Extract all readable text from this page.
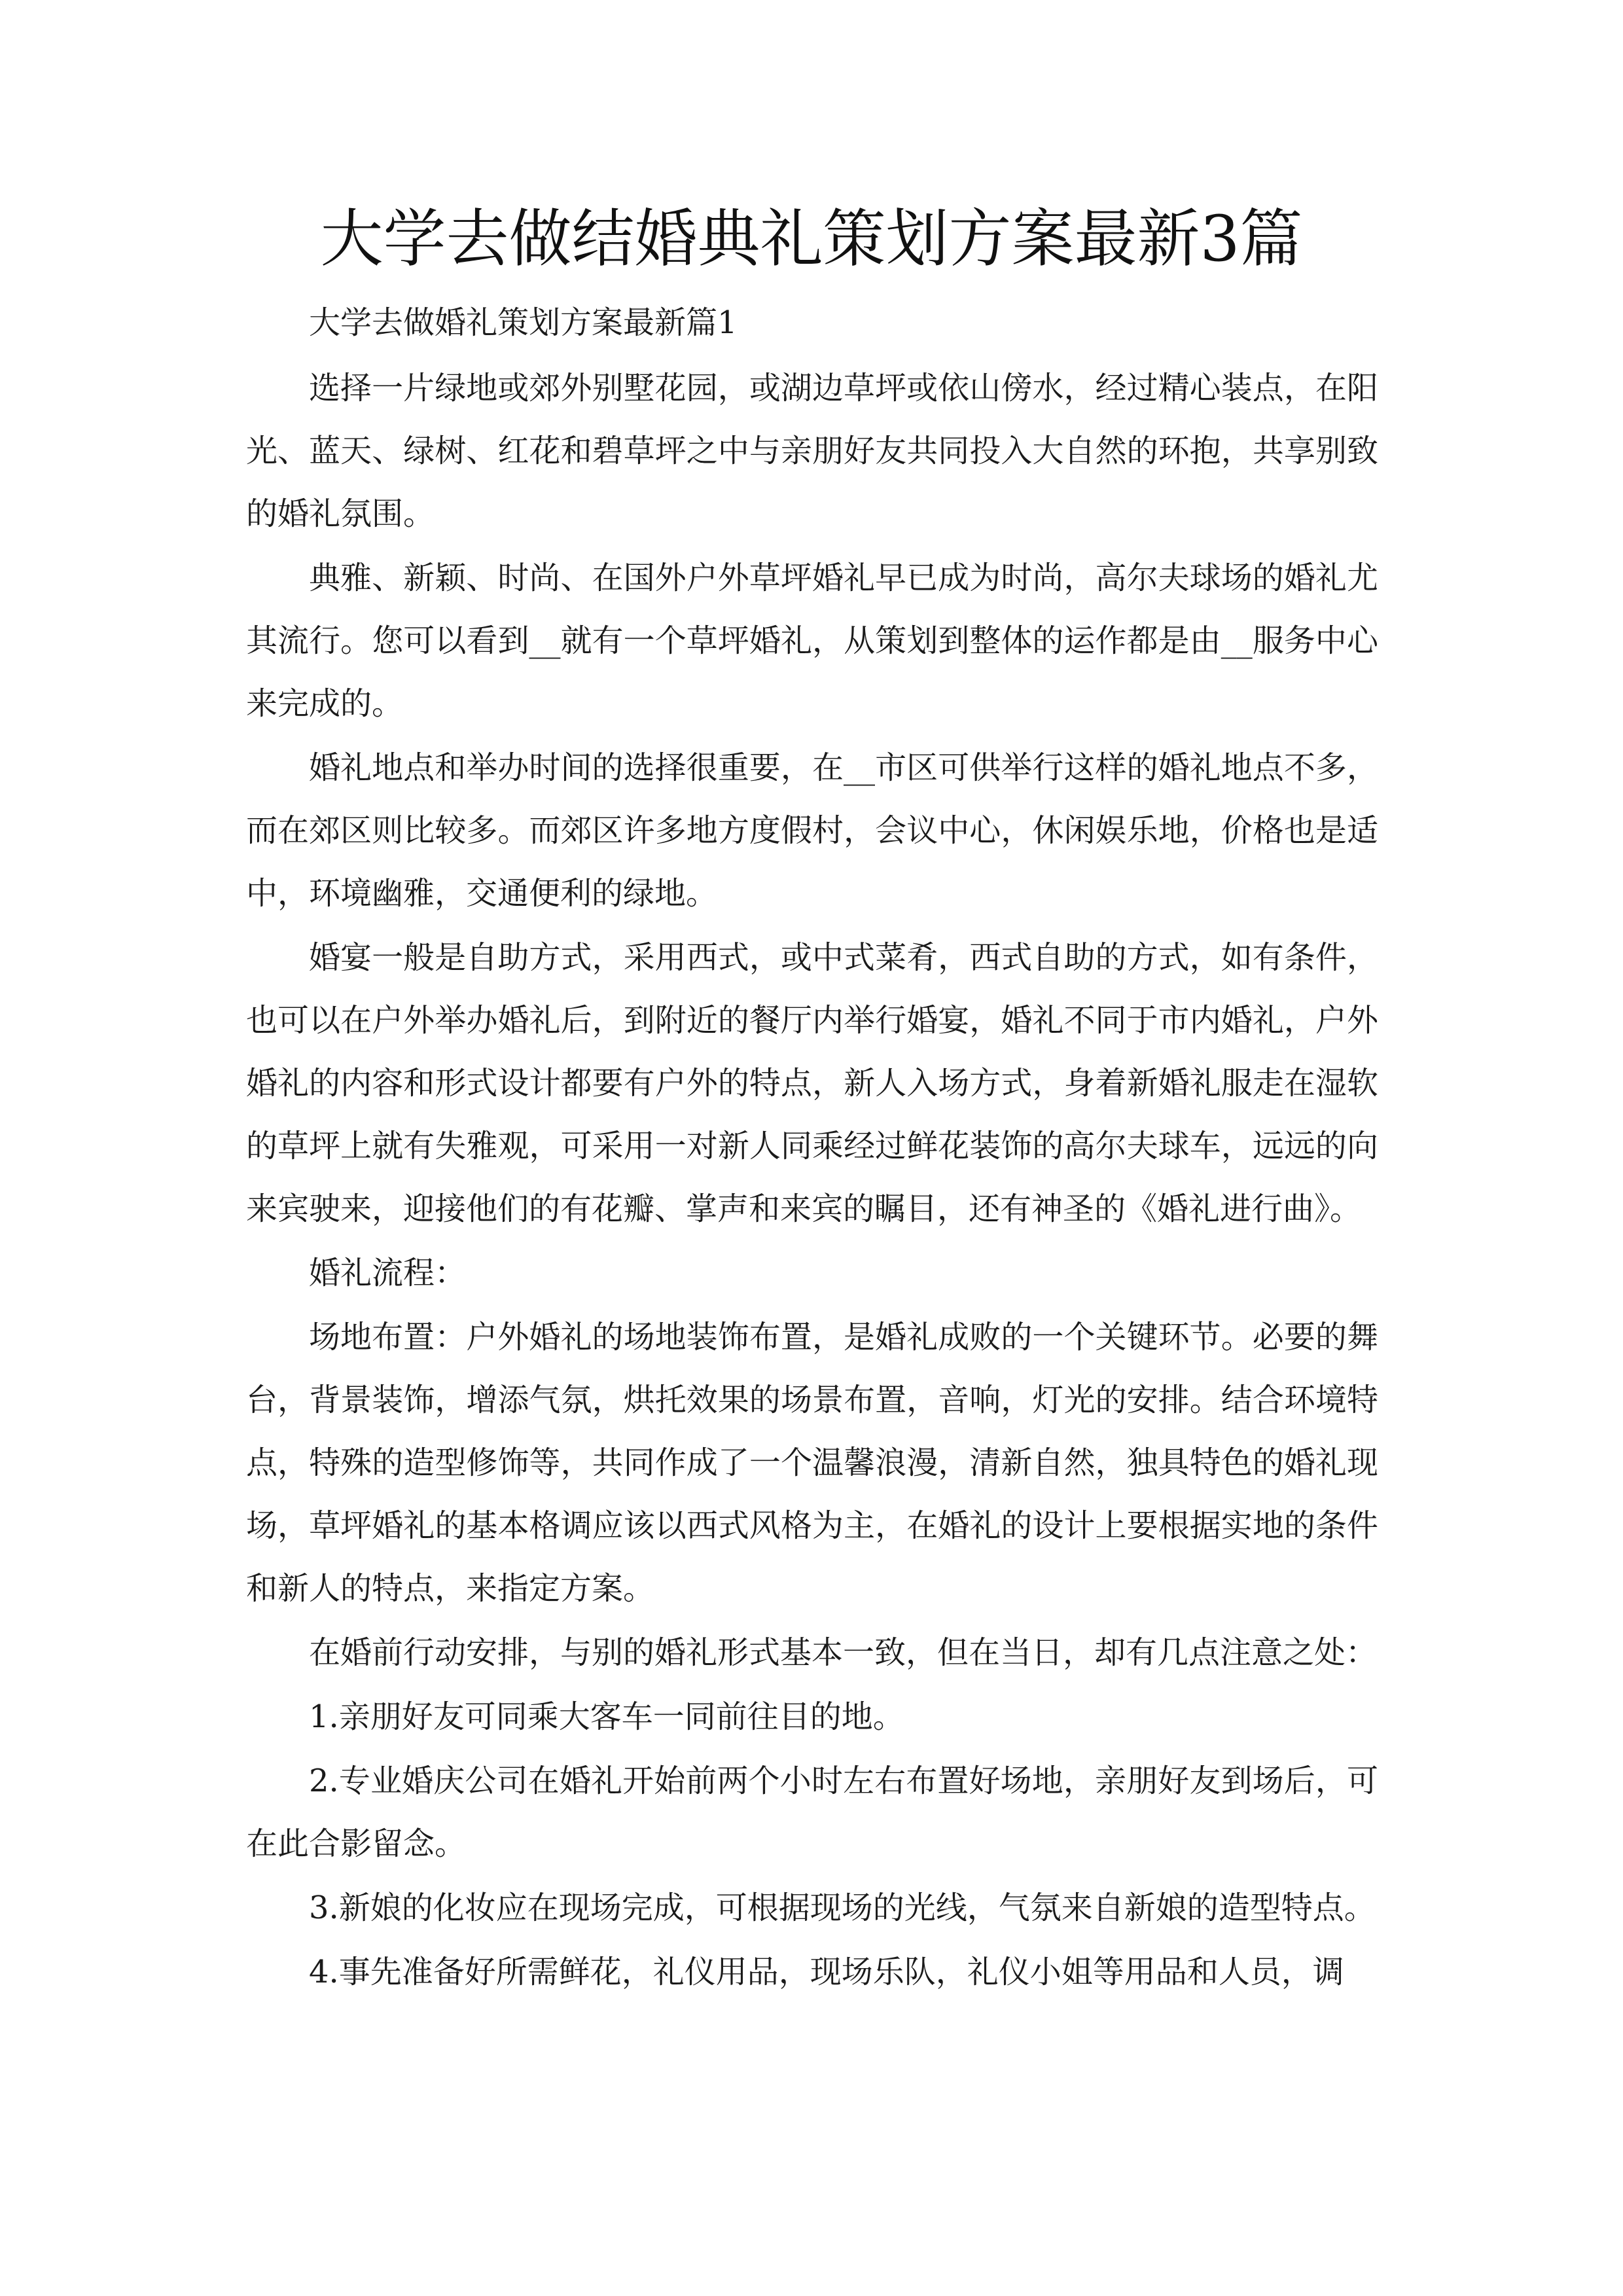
大学去做结婚典礼策划方案最新3篇

大学去做婚礼策划方案最新篇1

选择一片绿地或郊外别墅花园，或湖边草坪或依山傍水，经过精心装点，在阳光、蓝天、绿树、红花和碧草坪之中与亲朋好友共同投入大自然的环抱，共享别致的婚礼氛围。

典雅、新颖、时尚、在国外户外草坪婚礼早已成为时尚，高尔夫球场的婚礼尤其流行。您可以看到__就有一个草坪婚礼，从策划到整体的运作都是由__服务中心来完成的。

婚礼地点和举办时间的选择很重要，在__市区可供举行这样的婚礼地点不多，而在郊区则比较多。而郊区许多地方度假村，会议中心，休闲娱乐地，价格也是适中，环境幽雅，交通便利的绿地。

婚宴一般是自助方式，采用西式，或中式菜肴，西式自助的方式，如有条件，也可以在户外举办婚礼后，到附近的餐厅内举行婚宴，婚礼不同于市内婚礼，户外婚礼的内容和形式设计都要有户外的特点，新人入场方式，身着新婚礼服走在湿软的草坪上就有失雅观，可采用一对新人同乘经过鲜花装饰的高尔夫球车，远远的向来宾驶来，迎接他们的有花瓣、掌声和来宾的瞩目，还有神圣的《婚礼进行曲》。

婚礼流程：

场地布置：户外婚礼的场地装饰布置，是婚礼成败的一个关键环节。必要的舞台，背景装饰，增添气氛，烘托效果的场景布置，音响，灯光的安排。结合环境特点，特殊的造型修饰等，共同作成了一个温馨浪漫，清新自然，独具特色的婚礼现场，草坪婚礼的基本格调应该以西式风格为主，在婚礼的设计上要根据实地的条件和新人的特点，来指定方案。

在婚前行动安排，与别的婚礼形式基本一致，但在当日，却有几点注意之处：

1.亲朋好友可同乘大客车一同前往目的地。

2.专业婚庆公司在婚礼开始前两个小时左右布置好场地，亲朋好友到场后，可在此合影留念。

3.新娘的化妆应在现场完成，可根据现场的光线，气氛来自新娘的造型特点。

4.事先准备好所需鲜花，礼仪用品，现场乐队，礼仪小姐等用品和人员，调
